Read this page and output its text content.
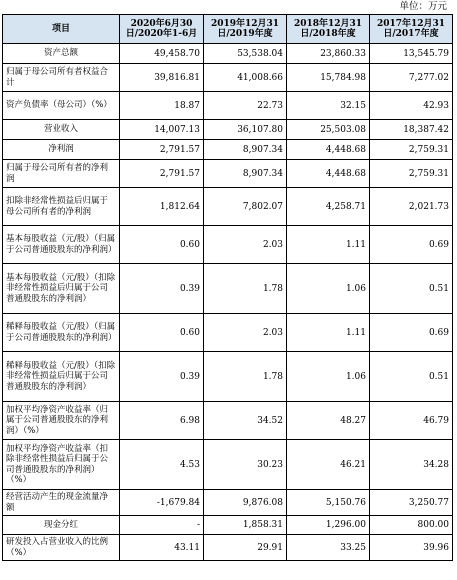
单位：万元
项目	2020年6月30日/2020年1-6月	2019年12月31日/2019年度	2018年12月31日/2018年度	2017年12月31日/2017年度
资产总额	49,458.70	53,538.04	23,860.33	13,545.79
归属于母公司所有者权益合计	39,816.81	41,008.66	15,784.98	7,277.02
资产负债率（母公司）（%）	18.87	22.73	32.15	42.93
营业收入	14,007.13	36,107.80	25,503.08	18,387.42
净利润	2,791.57	8,907.34	4,448.68	2,759.31
归属于母公司所有者的净利润	2,791.57	8,907.34	4,448.68	2,759.31
扣除非经常性损益后归属于母公司所有者的净利润	1,812.64	7,802.07	4,258.71	2,021.73
基本每股收益（元/股）（归属于公司普通股股东的净利润）	0.60	2.03	1.11	0.69
基本每股收益（元/股）（扣除非经常性损益后归属于公司普通股股东的净利润）	0.39	1.78	1.06	0.51
稀释每股收益（元/股）（归属于公司普通股股东的净利润）	0.60	2.03	1.11	0.69
稀释每股收益（元/股）（扣除非经常性损益后归属于公司普通股股东的净利润）	0.39	1.78	1.06	0.51
加权平均净资产收益率（归属于公司普通股股东的净利润）（%）	6.98	34.52	48.27	46.79
加权平均净资产收益率（扣除非经常性损益后归属于公司普通股股东的净利润）（%）	4.53	30.23	46.21	34.28
经营活动产生的现金流量净额	-1,679.84	9,876.08	5,150.76	3,250.77
现金分红	-	1,858.31	1,296.00	800.00
研发投入占营业收入的比例（%）	43.11	29.91	33.25	39.96
